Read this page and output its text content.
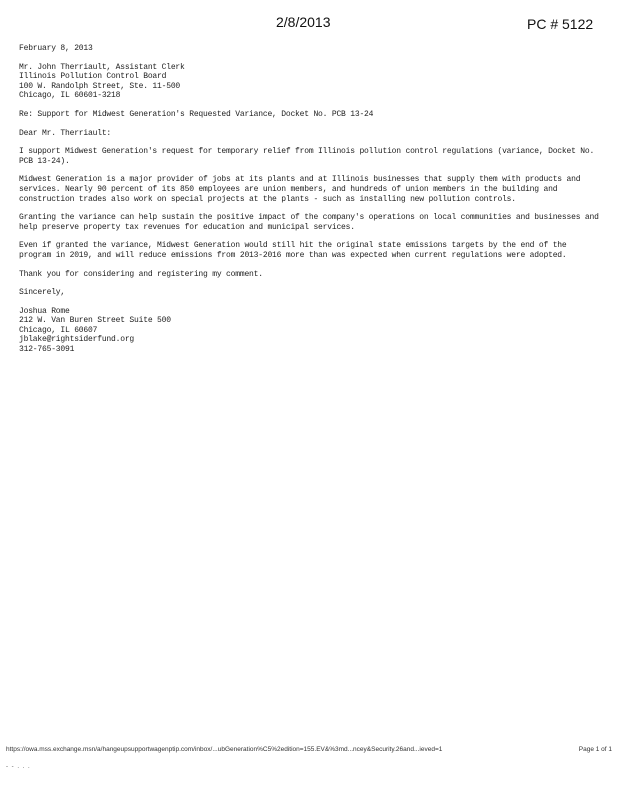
2/8/2013	PC # 5122
February 8, 2013
Mr. John Therriault, Assistant Clerk
Illinois Pollution Control Board
100 W. Randolph Street, Ste. 11-500
Chicago, IL 60601-3218
Re: Support for Midwest Generation's Requested Variance, Docket No. PCB 13-24
Dear Mr. Therriault:
I support Midwest Generation's request for temporary relief from Illinois pollution control regulations (variance, Docket No. PCB 13-24).
Midwest Generation is a major provider of jobs at its plants and at Illinois businesses that supply them with products and services. Nearly 90 percent of its 850 employees are union members, and hundreds of union members in the building and construction trades also work on special projects at the plants - such as installing new pollution controls.
Granting the variance can help sustain the positive impact of the company's operations on local communities and businesses and help preserve property tax revenues for education and municipal services.
Even if granted the variance, Midwest Generation would still hit the original state emissions targets by the end of the program in 2019, and will reduce emissions from 2013-2016 more than was expected when current regulations were adopted.
Thank you for considering and registering my comment.
Sincerely,
Joshua Rome
212 W. Van Buren Street Suite 500
Chicago, IL 60607
jblake@rightsiderfund.org
312-765-3091
https://owa.mss.exchange.msn/a/hangeupsupportwagenptip.com/inbox/...ubGeneration%C5%2edition=155.EV&%3md...ncey&Security.26and...ieved=1	Page 1 of 1
- - . . .
